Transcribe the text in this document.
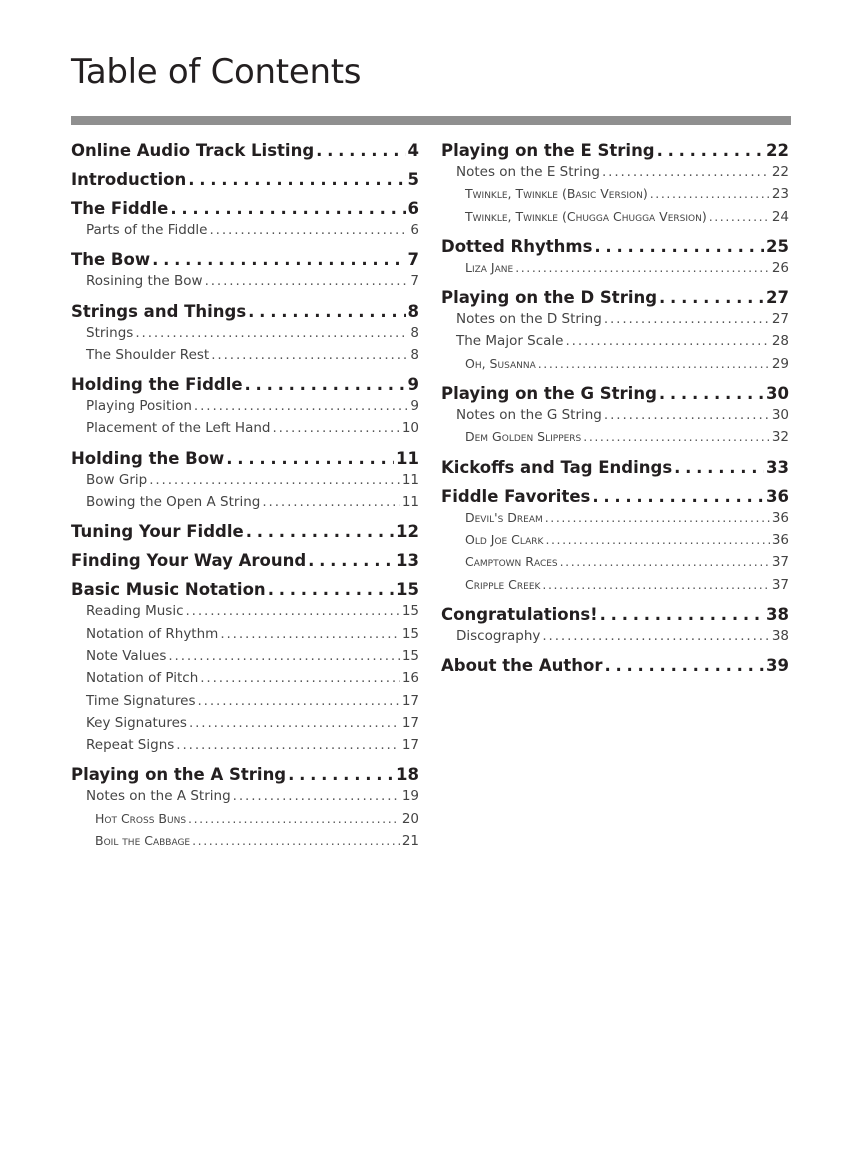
Table of Contents
Online Audio Track Listing . . .	4
Introduction . . .	5
The Fiddle . . .	6
Parts of the Fiddle . . .	6
The Bow . . .	7
Rosining the Bow . . .	7
Strings and Things . . .	8
Strings . . .	8
The Shoulder Rest . . .	8
Holding the Fiddle . . .	9
Playing Position . . .	9
Placement of the Left Hand . . .	10
Holding the Bow . . .	11
Bow Grip . . .	11
Bowing the Open A String . . .	11
Tuning Your Fiddle . . .	12
Finding Your Way Around . . .	13
Basic Music Notation . . .	15
Reading Music . . .	15
Notation of Rhythm . . .	15
Note Values . . .	15
Notation of Pitch . . .	16
Time Signatures . . .	17
Key Signatures . . .	17
Repeat Signs . . .	17
Playing on the A String . . .	18
Notes on the A String . . .	19
Hot Cross Buns . . .	20
Boil the Cabbage . . .	21
Playing on the E String . . .	22
Notes on the E String . . .	22
Twinkle, Twinkle (Basic Version) . . .	23
Twinkle, Twinkle (Chugga Chugga Version) . . .	24
Dotted Rhythms . . .	25
Liza Jane . . .	26
Playing on the D String . . .	27
Notes on the D String . . .	27
The Major Scale . . .	28
Oh, Susanna . . .	29
Playing on the G String . . .	30
Notes on the G String . . .	30
Dem Golden Slippers . . .	32
Kickoffs and Tag Endings . . .	33
Fiddle Favorites . . .	36
Devil's Dream . . .	36
Old Joe Clark . . .	36
Camptown Races . . .	37
Cripple Creek . . .	37
Congratulations! . . .	38
Discography . . .	38
About the Author . . .	39
